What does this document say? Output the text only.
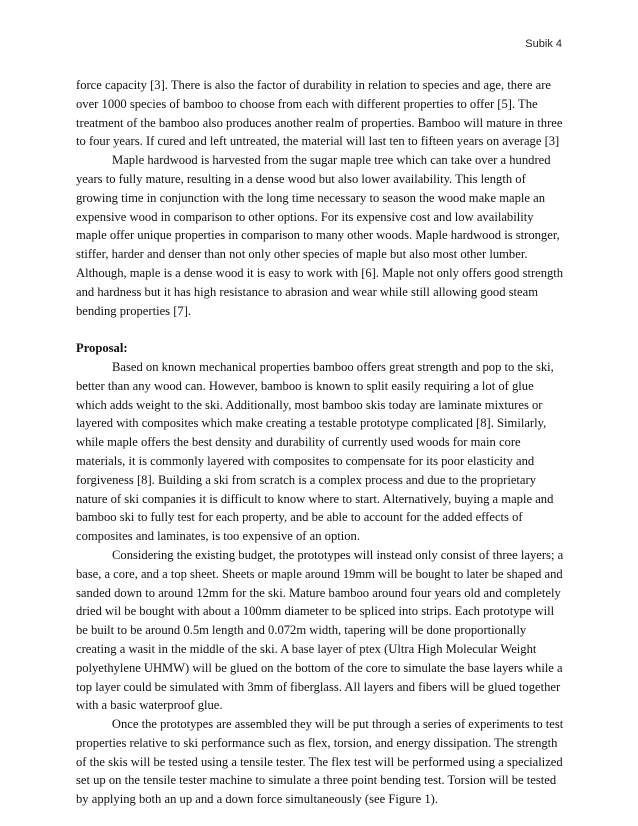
Subik 4

force capacity [3]. There is also the factor of durability in relation to species and age, there are

over 1000 species of bamboo to choose from each with different properties to offer [5]. The

treatment of the bamboo also produces another realm of properties. Bamboo will mature in three

to four years. If cured and left untreated, the material will last ten to fifteen years on average [3]

Maple hardwood is harvested from the sugar maple tree which can take over a hundred

years to fully mature, resulting in a dense wood but also lower availability. This length of

growing time in conjunction with the long time necessary to season the wood make maple an

expensive wood in comparison to other options. For its expensive cost and low availability

maple offer unique properties in comparison to many other woods. Maple hardwood is stronger,

stiffer, harder and denser than not only other species of maple but also most other lumber.

Although, maple is a dense wood it is easy to work with [6]. Maple not only offers good strength

and hardness but it has high resistance to abrasion and wear while still allowing good steam

bending properties [7].

Proposal:

Based on known mechanical properties bamboo offers great strength and pop to the ski,

better than any wood can. However, bamboo is known to split easily requiring a lot of glue

which adds weight to the ski. Additionally, most bamboo skis today are laminate mixtures or

layered with composites which make creating a testable prototype complicated [8]. Similarly,

while maple offers the best density and durability of currently used woods for main core

materials, it is commonly layered with composites to compensate for its poor elasticity and

forgiveness [8]. Building a ski from scratch is a complex process and due to the proprietary

nature of ski companies it is difficult to know where to start. Alternatively, buying a maple and

bamboo ski to fully test for each property, and be able to account for the added effects of

composites and laminates, is too expensive of an option.

Considering the existing budget, the prototypes will instead only consist of three layers; a

base, a core, and a top sheet. Sheets or maple around 19mm will be bought to later be shaped and

sanded down to around 12mm for the ski. Mature bamboo around four years old and completely

dried wil be bought with about a 100mm diameter to be spliced into strips. Each prototype will

be built to be around 0.5m length and 0.072m width, tapering will be done proportionally

creating a wasit in the middle of the ski. A base layer of ptex (Ultra High Molecular Weight

polyethylene UHMW) will be glued on the bottom of the core to simulate the base layers while a

top layer could be simulated with 3mm of fiberglass. All layers and fibers will be glued together

with a basic waterproof glue.

Once the prototypes are assembled they will be put through a series of experiments to test

properties relative to ski performance such as flex, torsion, and energy dissipation. The strength

of the skis will be tested using a tensile tester. The flex test will be performed using a specialized

set up on the tensile tester machine to simulate a three point bending test. Torsion will be tested

by applying both an up and a down force simultaneously (see Figure 1).
